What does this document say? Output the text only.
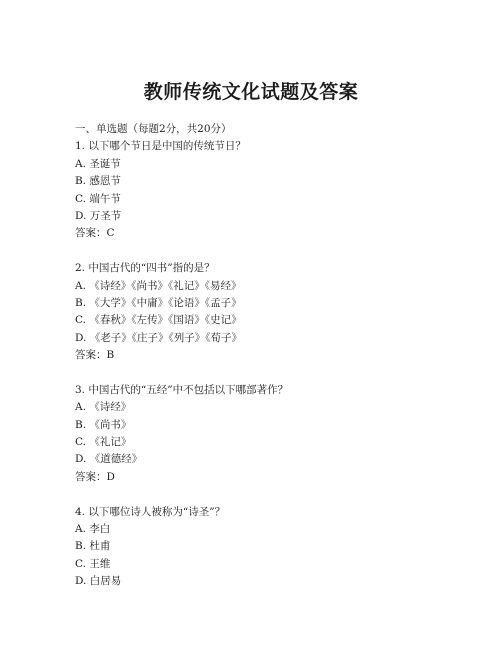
教师传统文化试题及答案
一、单选题（每题2分，共20分）
1. 以下哪个节日是中国的传统节日？
A. 圣诞节
B. 感恩节
C. 端午节
D. 万圣节
答案：C
2. 中国古代的“四书”指的是？
A. 《诗经》《尚书》《礼记》《易经》
B. 《大学》《中庸》《论语》《孟子》
C. 《春秋》《左传》《国语》《史记》
D. 《老子》《庄子》《列子》《荀子》
答案：B
3. 中国古代的“五经”中不包括以下哪部著作？
A. 《诗经》
B. 《尚书》
C. 《礼记》
D. 《道德经》
答案：D
4. 以下哪位诗人被称为“诗圣”？
A. 李白
B. 杜甫
C. 王维
D. 白居易
